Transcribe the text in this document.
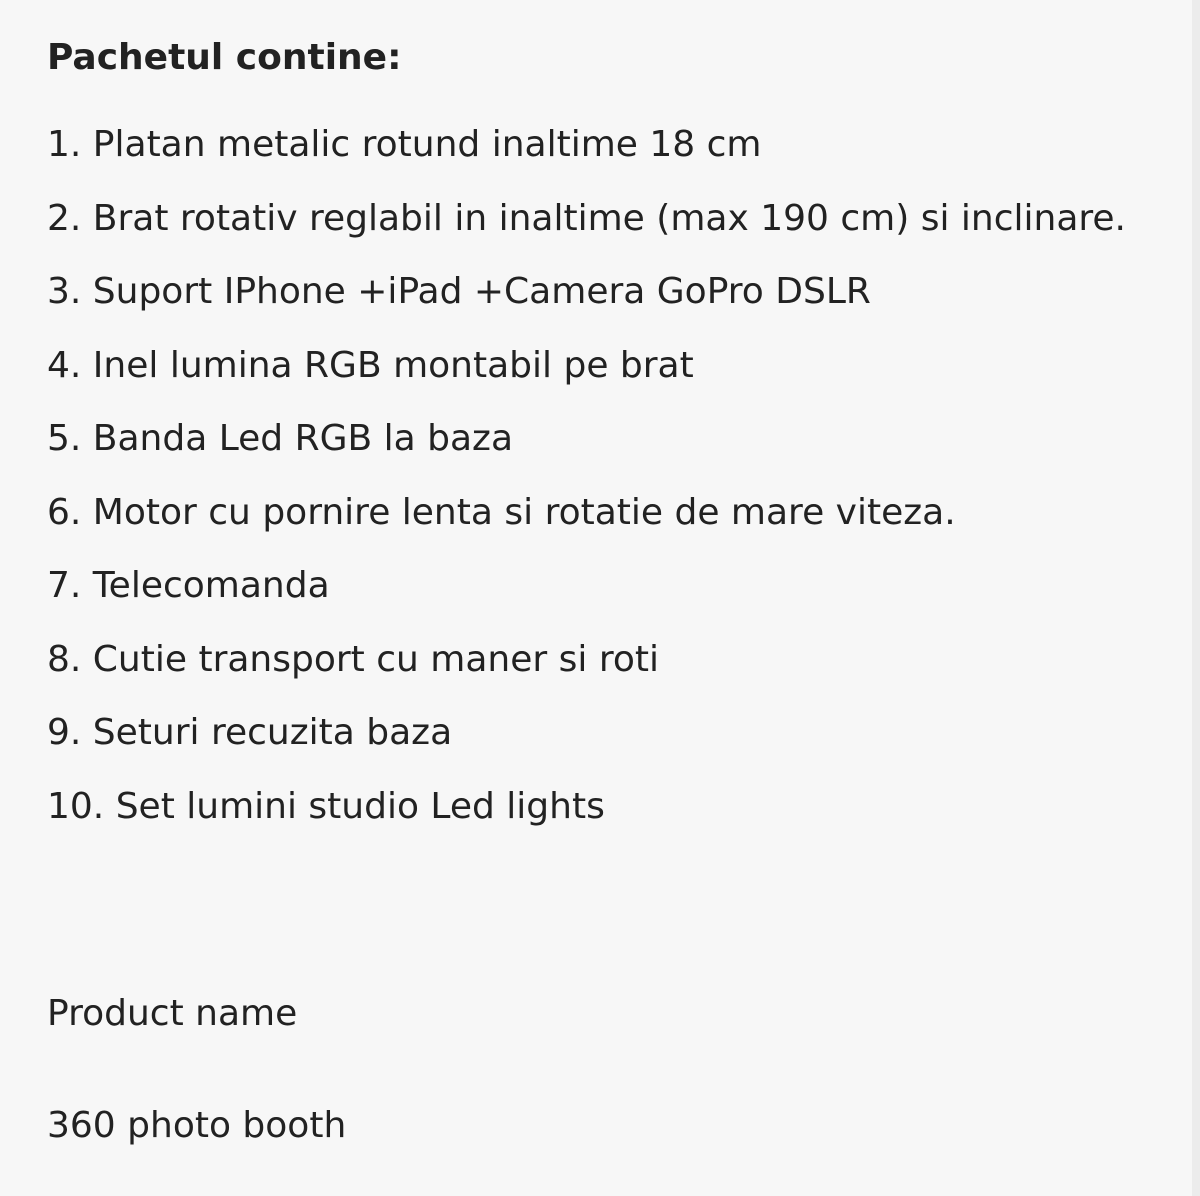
Pachetul contine:
1. Platan metalic rotund inaltime 18 cm
2. Brat rotativ reglabil in inaltime (max 190 cm) si inclinare.
3. Suport IPhone +iPad +Camera GoPro DSLR
4. Inel lumina RGB montabil pe brat
5. Banda Led RGB la baza
6. Motor cu pornire lenta si rotatie de mare viteza.
7. Telecomanda
8. Cutie transport cu maner si roti
9. Seturi recuzita baza
10. Set lumini studio Led lights
Product name
360 photo booth
